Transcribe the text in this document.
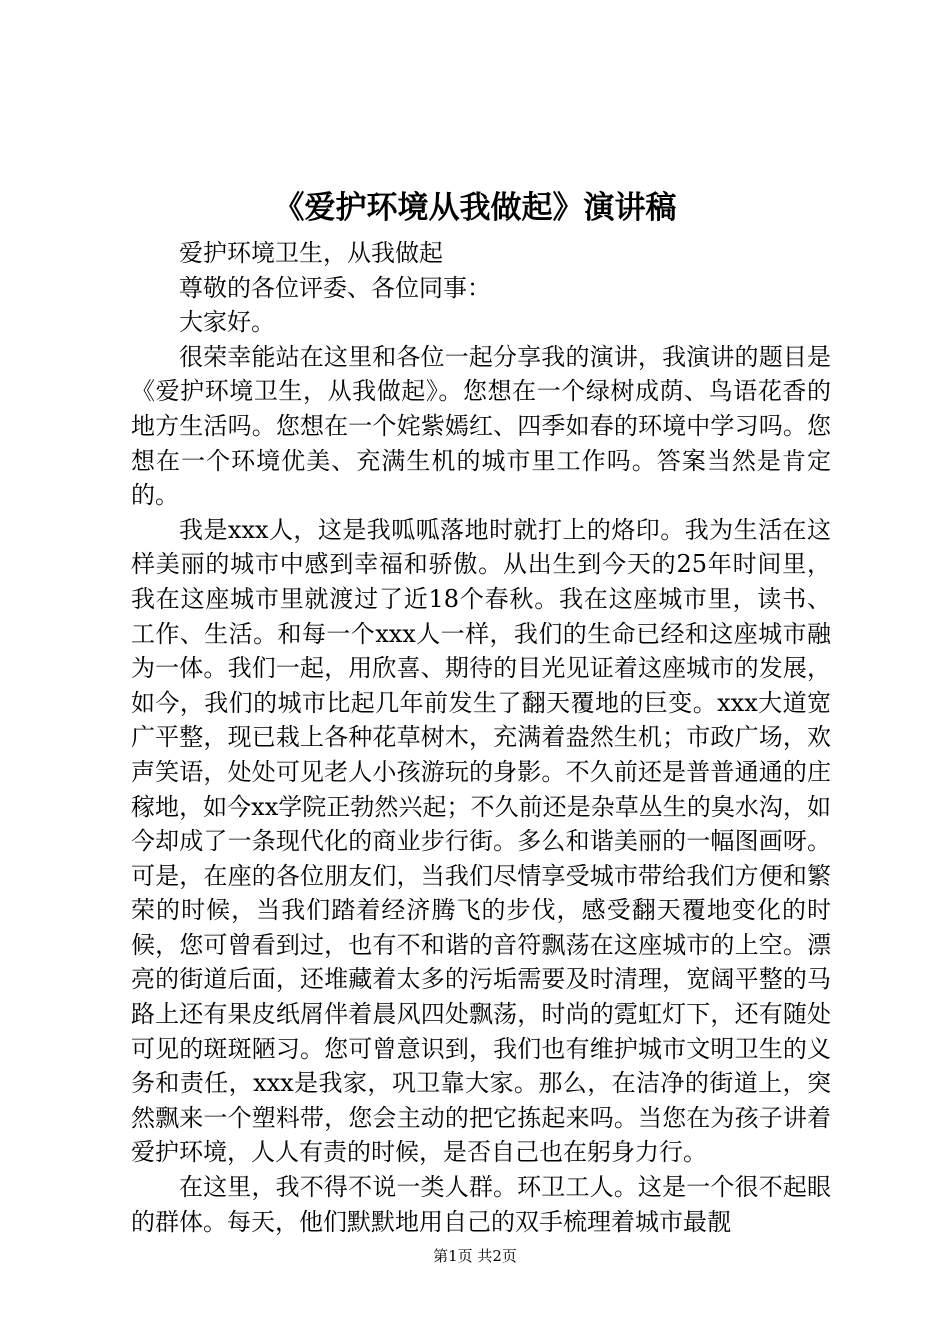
《爱护环境从我做起》演讲稿

爱护环境卫生，从我做起

尊敬的各位评委、各位同事：

大家好。

很荣幸能站在这里和各位一起分享我的演讲，我演讲的题目是《爱护环境卫生，从我做起》。您想在一个绿树成荫、鸟语花香的地方生活吗。您想在一个姹紫嫣红、四季如春的环境中学习吗。您想在一个环境优美、充满生机的城市里工作吗。答案当然是肯定的。

我是xxx人，这是我呱呱落地时就打上的烙印。我为生活在这样美丽的城市中感到幸福和骄傲。从出生到今天的25年时间里，我在这座城市里就渡过了近18个春秋。我在这座城市里，读书、工作、生活。和每一个xxx人一样，我们的生命已经和这座城市融为一体。我们一起，用欣喜、期待的目光见证着这座城市的发展，如今，我们的城市比起几年前发生了翻天覆地的巨变。xxx大道宽广平整，现已栽上各种花草树木，充满着盎然生机；市政广场，欢声笑语，处处可见老人小孩游玩的身影。不久前还是普普通通的庄稼地，如今xx学院正勃然兴起；不久前还是杂草丛生的臭水沟，如今却成了一条现代化的商业步行街。多么和谐美丽的一幅图画呀。可是，在座的各位朋友们，当我们尽情享受城市带给我们方便和繁荣的时候，当我们踏着经济腾飞的步伐，感受翻天覆地变化的时候，您可曾看到过，也有不和谐的音符飘荡在这座城市的上空。漂亮的街道后面，还堆藏着太多的污垢需要及时清理，宽阔平整的马路上还有果皮纸屑伴着晨风四处飘荡，时尚的霓虹灯下，还有随处可见的斑斑陋习。您可曾意识到，我们也有维护城市文明卫生的义务和责任，xxx是我家，巩卫靠大家。那么，在洁净的街道上，突然飘来一个塑料带，您会主动的把它拣起来吗。当您在为孩子讲着爱护环境，人人有责的时候，是否自己也在躬身力行。

在这里，我不得不说一类人群。环卫工人。这是一个很不起眼的群体。每天，他们默默地用自己的双手梳理着城市最靓

第1页 共2页
